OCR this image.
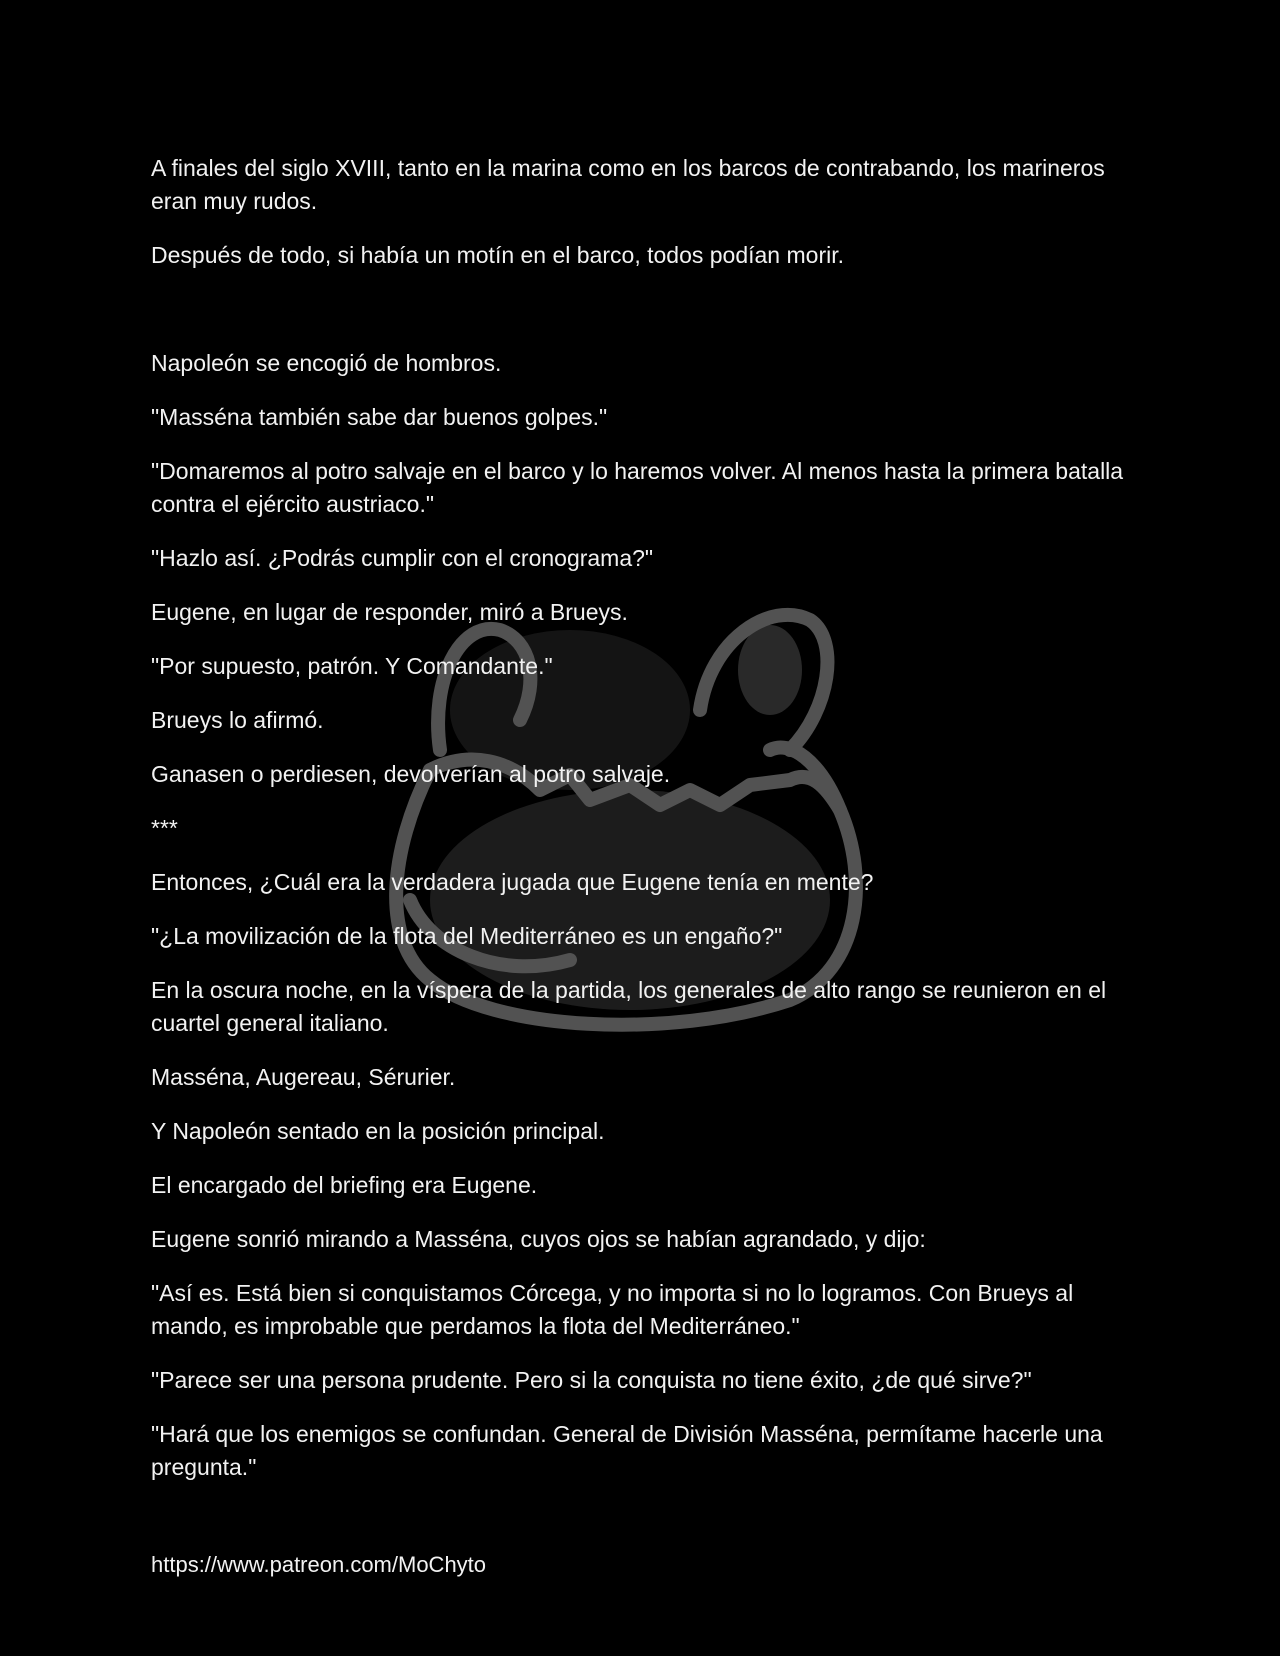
A finales del siglo XVIII, tanto en la marina como en los barcos de contrabando, los marineros eran muy rudos.
Después de todo, si había un motín en el barco, todos podían morir.
Napoleón se encogió de hombros.
"Masséna también sabe dar buenos golpes."
"Domaremos al potro salvaje en el barco y lo haremos volver. Al menos hasta la primera batalla contra el ejército austriaco."
"Hazlo así. ¿Podrás cumplir con el cronograma?"
Eugene, en lugar de responder, miró a Brueys.
"Por supuesto, patrón. Y Comandante."
Brueys lo afirmó.
Ganasen o perdiesen, devolverían al potro salvaje.
***
Entonces, ¿Cuál era la verdadera jugada que Eugene tenía en mente?
"¿La movilización de la flota del Mediterráneo es un engaño?"
En la oscura noche, en la víspera de la partida, los generales de alto rango se reunieron en el cuartel general italiano.
Masséna, Augereau, Sérurier.
Y Napoleón sentado en la posición principal.
El encargado del briefing era Eugene.
Eugene sonrió mirando a Masséna, cuyos ojos se habían agrandado, y dijo:
"Así es. Está bien si conquistamos Córcega, y no importa si no lo logramos. Con Brueys al mando, es improbable que perdamos la flota del Mediterráneo."
"Parece ser una persona prudente. Pero si la conquista no tiene éxito, ¿de qué sirve?"
"Hará que los enemigos se confundan. General de División Masséna, permítame hacerle una pregunta."
https://www.patreon.com/MoChyto
